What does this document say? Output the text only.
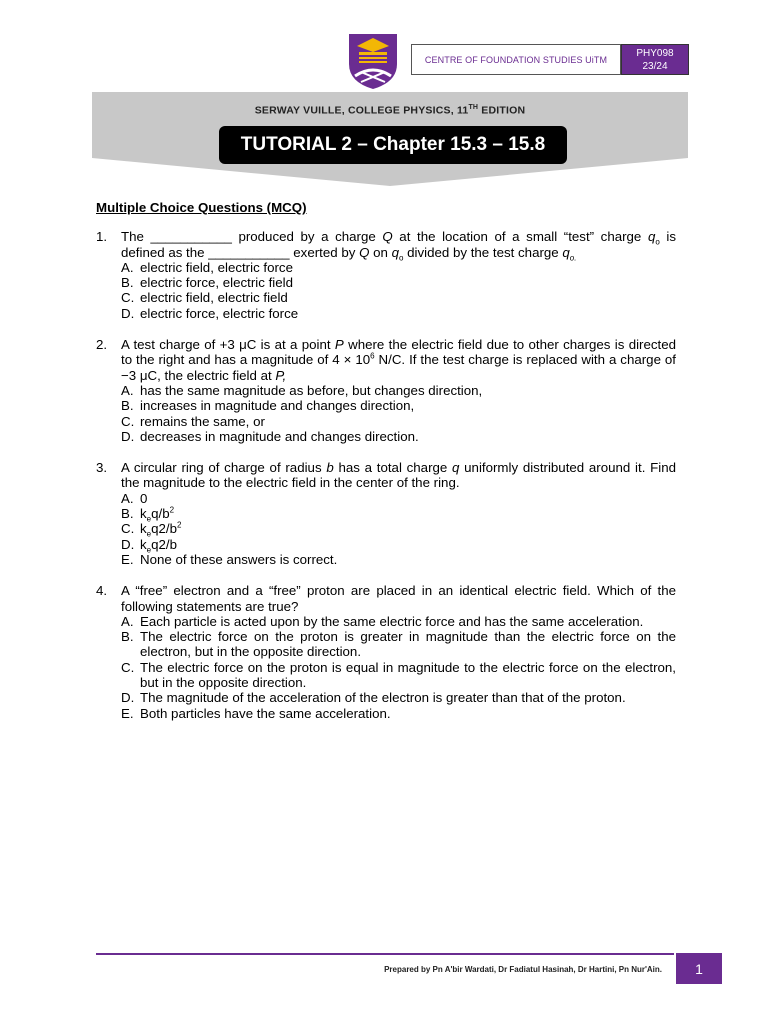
CENTRE OF FOUNDATION STUDIES UiTM
PHY098
23/24
SERWAY VUILLE, COLLEGE PHYSICS, 11TH EDITION
TUTORIAL 2 – Chapter 15.3 – 15.8
Multiple Choice Questions (MCQ)
1.	The ___________ produced by a charge Q at the location of a small “test” charge $q_o$ is defined as the ___________ exerted by Q on $q_o$ divided by the test charge $q_{o.}$
A. electric field, electric force
B. electric force, electric field
C. electric field, electric field
D. electric force, electric force
2.	A test charge of +3 μC is at a point P where the electric field due to other charges is directed to the right and has a magnitude of $4 \times 10^6$ N/C. If the test charge is replaced with a charge of −3 μC, the electric field at P,
A. has the same magnitude as before, but changes direction,
B. increases in magnitude and changes direction,
C. remains the same, or
D. decreases in magnitude and changes direction.
3.	A circular ring of charge of radius b has a total charge q uniformly distributed around it. Find the magnitude to the electric field in the center of the ring.
A. 0
B. $k_eq/b^2$
C. $k_eq2/b^2$
D. $k_eq2/b$
E. None of these answers is correct.
4.	A “free” electron and a “free” proton are placed in an identical electric field. Which of the following statements are true?
A. Each particle is acted upon by the same electric force and has the same acceleration.
B. The electric force on the proton is greater in magnitude than the electric force on the electron, but in the opposite direction.
C. The electric force on the proton is equal in magnitude to the electric force on the electron, but in the opposite direction.
D. The magnitude of the acceleration of the electron is greater than that of the proton.
E. Both particles have the same acceleration.
Prepared by Pn A'bir Wardati, Dr Fadiatul Hasinah, Dr Hartini, Pn Nur'Ain.	1
